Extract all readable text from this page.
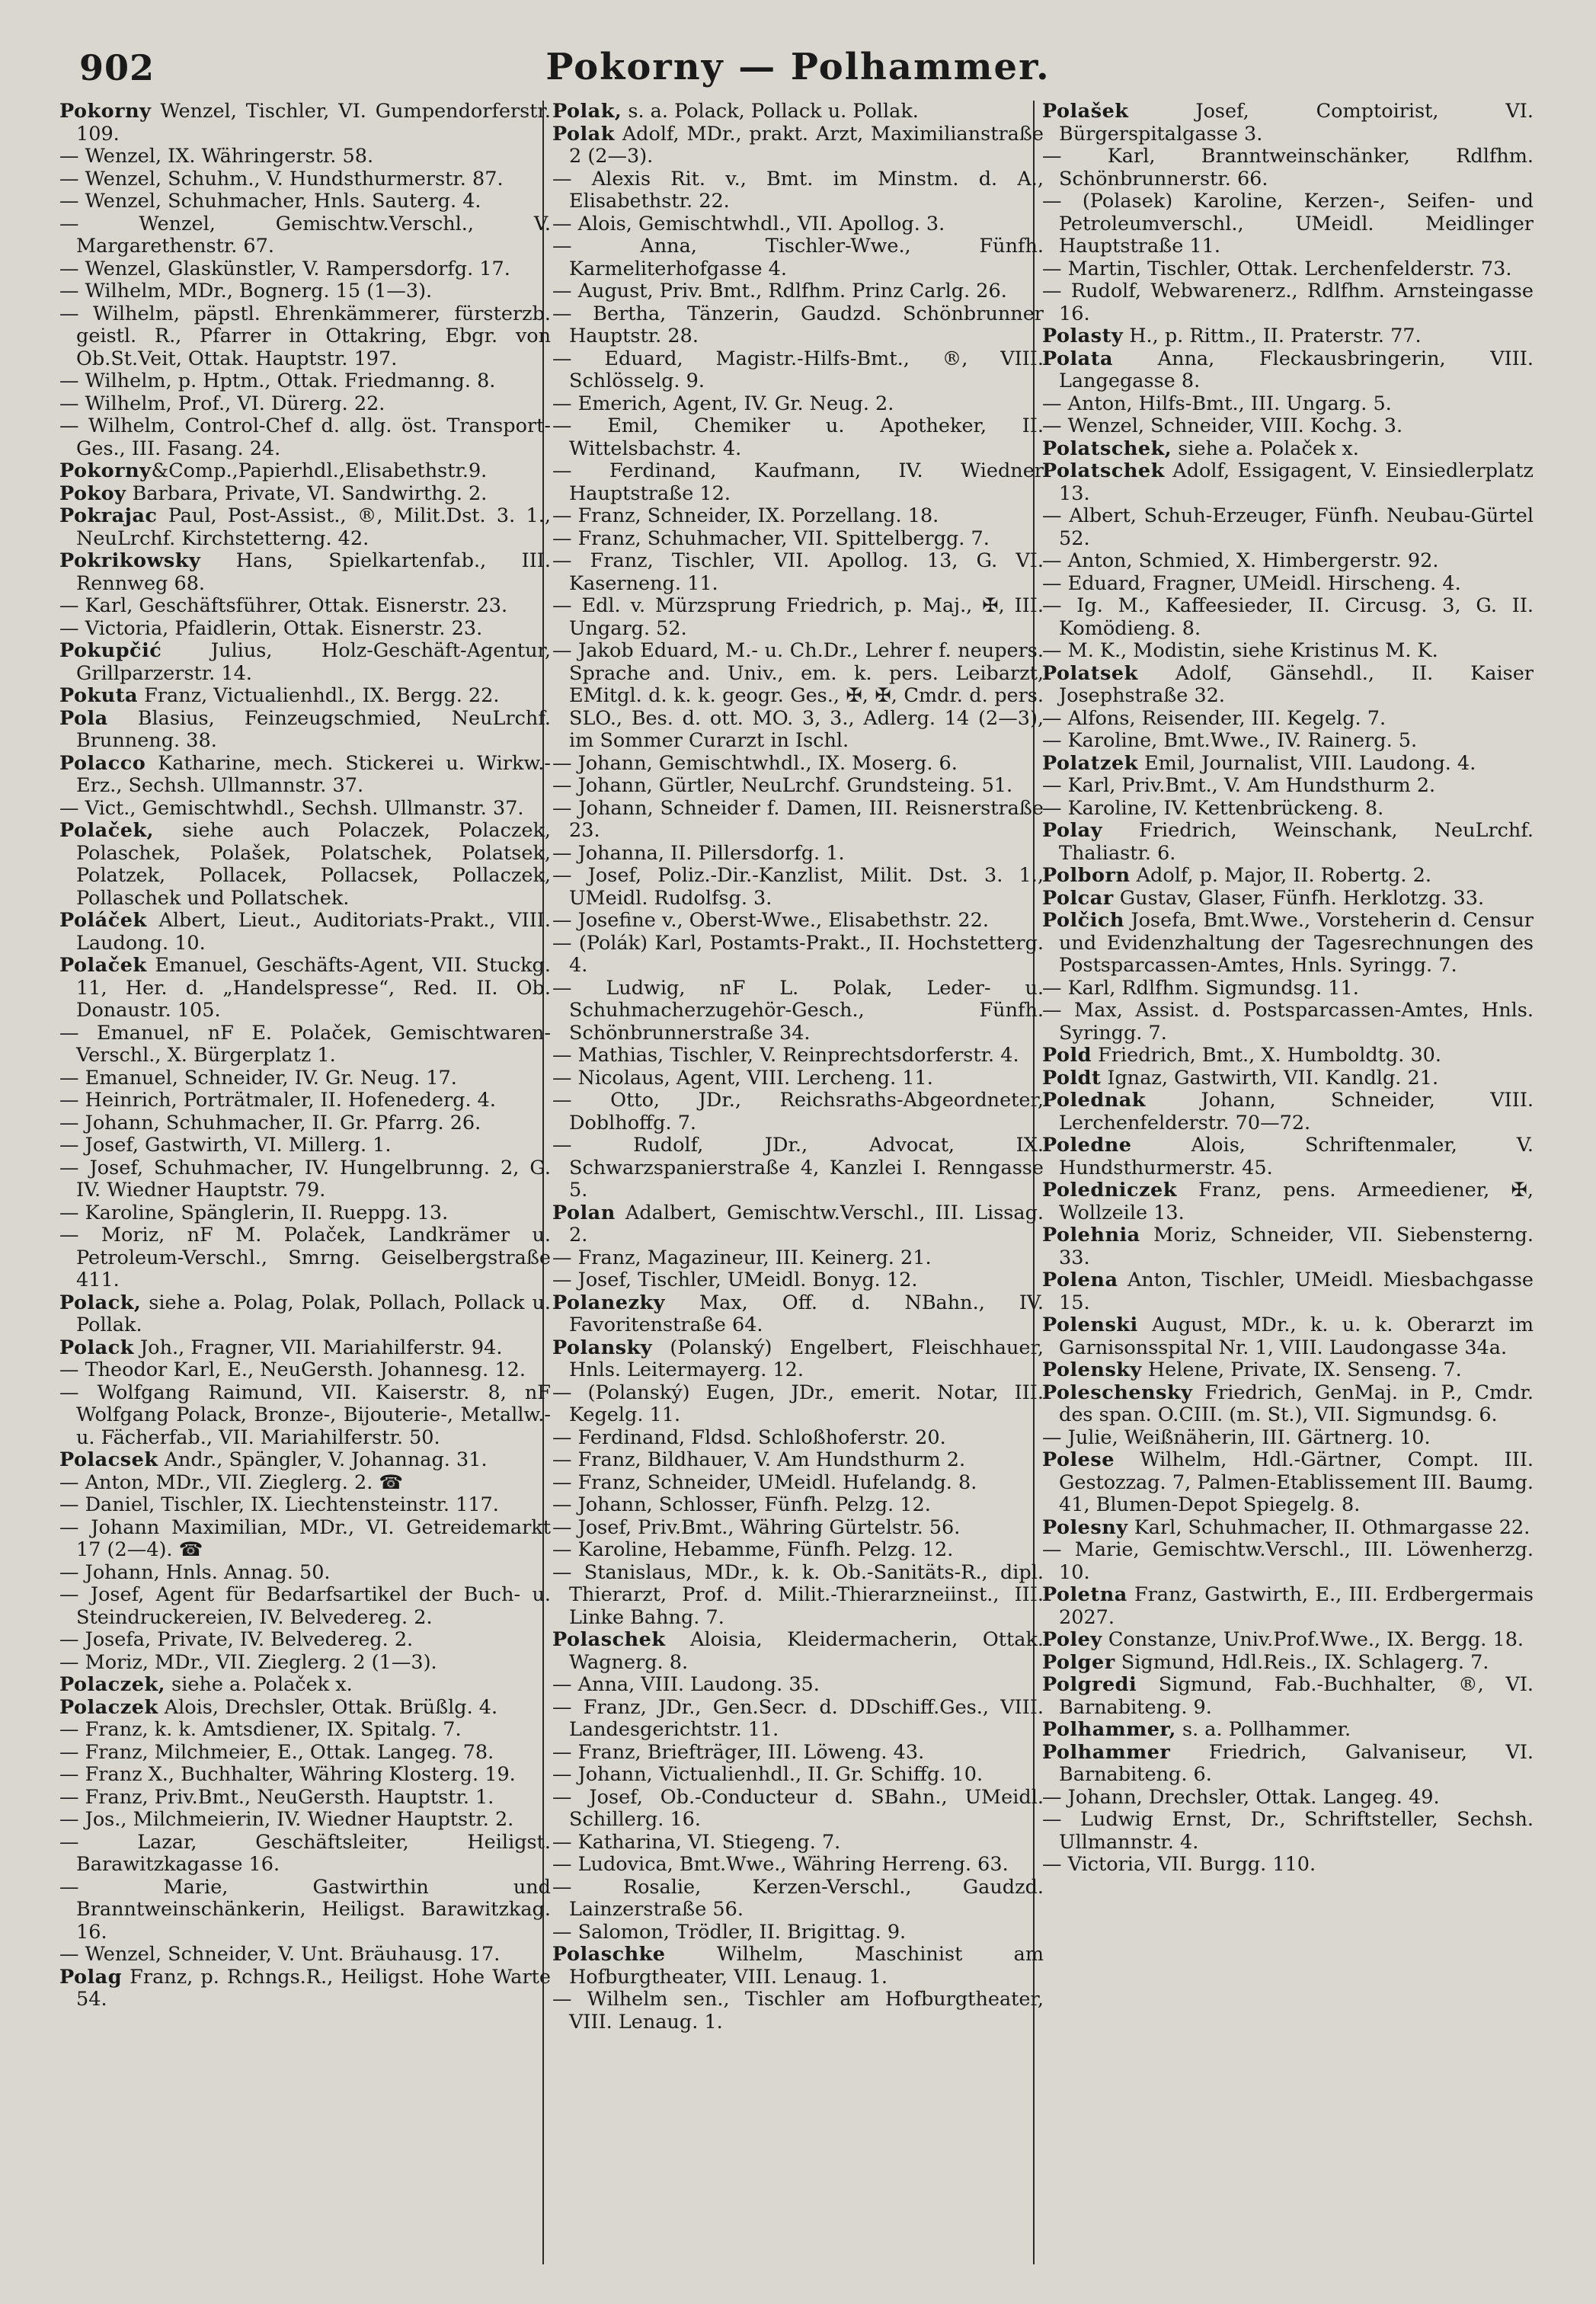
902	Pokorny — Polhammer.

Pokorny Wenzel, Tischler, VI. Gumpendorferstr. 109.

— Wenzel, IX. Währingerstr. 58.

— Wenzel, Schuhm., V. Hundsthurmerstr. 87.

— Wenzel, Schuhmacher, Hnls. Sauterg. 4.

— Wenzel, Gemischtw.Verschl., V. Margarethenstr. 67.

— Wenzel, Glaskünstler, V. Rampersdorfg. 17.

— Wilhelm, MDr., Bognerg. 15 (1—3).

— Wilhelm, päpstl. Ehrenkämmerer, fürsterzb. geistl. R., Pfarrer in Ottakring, Ebgr. von Ob.St.Veit, Ottak. Hauptstr. 197.

— Wilhelm, p. Hptm., Ottak. Friedmanng. 8.

— Wilhelm, Prof., VI. Dürerg. 22.

— Wilhelm, Control-Chef d. allg. öst. Transport-Ges., III. Fasang. 24.

Pokorny&Comp.,Papierhdl.,Elisabethstr.9.

Pokoy Barbara, Private, VI. Sandwirthg. 2.

Pokrajac Paul, Post-Assist., ®, Milit.Dst. 3. 1., NeuLrchf. Kirchstetterng. 42.

Pokrikowsky Hans, Spielkartenfab., III. Rennweg 68.

— Karl, Geschäftsführer, Ottak. Eisnerstr. 23.

— Victoria, Pfaidlerin, Ottak. Eisnerstr. 23.

Pokupčić Julius, Holz-Geschäft-Agentur, Grillparzerstr. 14.

Pokuta Franz, Victualienhdl., IX. Bergg. 22.

Pola Blasius, Feinzeugschmied, NeuLrchf. Brunneng. 38.

Polacco Katharine, mech. Stickerei u. Wirkw.-Erz., Sechsh. Ullmannstr. 37.

— Vict., Gemischtwhdl., Sechsh. Ullmanstr. 37.

Polaček, siehe auch Polaczek, Polaczek, Polaschek, Polašek, Polatschek, Polatsek, Polatzek, Pollacek, Pollacsek, Pollaczek, Pollaschek und Pollatschek.

Poláček Albert, Lieut., Auditoriats-Prakt., VIII. Laudong. 10.

Polaček Emanuel, Geschäfts-Agent, VII. Stuckg. 11, Her. d. „Handelspresse“, Red. II. Ob. Donaustr. 105.

— Emanuel, nF E. Polaček, Gemischtwaren-Verschl., X. Bürgerplatz 1.

— Emanuel, Schneider, IV. Gr. Neug. 17.

— Heinrich, Porträtmaler, II. Hofenederg. 4.

— Johann, Schuhmacher, II. Gr. Pfarrg. 26.

— Josef, Gastwirth, VI. Millerg. 1.

— Josef, Schuhmacher, IV. Hungelbrunng. 2, G. IV. Wiedner Hauptstr. 79.

— Karoline, Spänglerin, II. Rueppg. 13.

— Moriz, nF M. Polaček, Landkrämer u. Petroleum-Verschl., Smrng. Geiselbergstraße 411.

Polack, siehe a. Polag, Polak, Pollach, Pollack u. Pollak.

Polack Joh., Fragner, VII. Mariahilferstr. 94.

— Theodor Karl, E., NeuGersth. Johannesg. 12.

— Wolfgang Raimund, VII. Kaiserstr. 8, nF Wolfgang Polack, Bronze-, Bijouterie-, Metallw.-u. Fächerfab., VII. Mariahilferstr. 50.

Polacsek Andr., Spängler, V. Johannag. 31.

— Anton, MDr., VII. Zieglerg. 2. ☎

— Daniel, Tischler, IX. Liechtensteinstr. 117.

— Johann Maximilian, MDr., VI. Getreidemarkt 17 (2—4). ☎

— Johann, Hnls. Annag. 50.

— Josef, Agent für Bedarfsartikel der Buch- u. Steindruckereien, IV. Belvedereg. 2.

— Josefa, Private, IV. Belvedereg. 2.

— Moriz, MDr., VII. Zieglerg. 2 (1—3).

Polaczek, siehe a. Polaček x.

Polaczek Alois, Drechsler, Ottak. Brüßlg. 4.

— Franz, k. k. Amtsdiener, IX. Spitalg. 7.

— Franz, Milchmeier, E., Ottak. Langeg. 78.

— Franz X., Buchhalter, Währing Klosterg. 19.

— Franz, Priv.Bmt., NeuGersth. Hauptstr. 1.

— Jos., Milchmeierin, IV. Wiedner Hauptstr. 2.

— Lazar, Geschäftsleiter, Heiligst. Barawitzkagasse 16.

— Marie, Gastwirthin und Branntweinschänkerin, Heiligst. Barawitzkag. 16.

— Wenzel, Schneider, V. Unt. Bräuhausg. 17.

Polag Franz, p. Rchngs.R., Heiligst. Hohe Warte 54.

Polak, s. a. Polack, Pollack u. Pollak.

Polak Adolf, MDr., prakt. Arzt, Maximilianstraße 2 (2—3).

— Alexis Rit. v., Bmt. im Minstm. d. A., Elisabethstr. 22.

— Alois, Gemischtwhdl., VII. Apollog. 3.

— Anna, Tischler-Wwe., Fünfh. Karmeliterhofgasse 4.

— August, Priv. Bmt., Rdlfhm. Prinz Carlg. 26.

— Bertha, Tänzerin, Gaudzd. Schönbrunner Hauptstr. 28.

— Eduard, Magistr.-Hilfs-Bmt., ®, VIII. Schlösselg. 9.

— Emerich, Agent, IV. Gr. Neug. 2.

— Emil, Chemiker u. Apotheker, II. Wittelsbachstr. 4.

— Ferdinand, Kaufmann, IV. Wiedner Hauptstraße 12.

— Franz, Schneider, IX. Porzellang. 18.

— Franz, Schuhmacher, VII. Spittelbergg. 7.

— Franz, Tischler, VII. Apollog. 13, G. VI. Kaserneng. 11.

— Edl. v. Mürzsprung Friedrich, p. Maj., ✠, III. Ungarg. 52.

— Jakob Eduard, M.- u. Ch.Dr., Lehrer f. neupers. Sprache and. Univ., em. k. pers. Leibarzt, EMitgl. d. k. k. geogr. Ges., ✠, ✠, Cmdr. d. pers. SLO., Bes. d. ott. MO. 3, 3., Adlerg. 14 (2—3), im Sommer Curarzt in Ischl.

— Johann, Gemischtwhdl., IX. Moserg. 6.

— Johann, Gürtler, NeuLrchf. Grundsteing. 51.

— Johann, Schneider f. Damen, III. Reisnerstraße 23.

— Johanna, II. Pillersdorfg. 1.

— Josef, Poliz.-Dir.-Kanzlist, Milit. Dst. 3. 1., UMeidl. Rudolfsg. 3.

— Josefine v., Oberst-Wwe., Elisabethstr. 22.

— (Polák) Karl, Postamts-Prakt., II. Hochstetterg. 4.

— Ludwig, nF L. Polak, Leder- u. Schuhmacherzugehör-Gesch., Fünfh. Schönbrunnerstraße 34.

— Mathias, Tischler, V. Reinprechtsdorferstr. 4.

— Nicolaus, Agent, VIII. Lercheng. 11.

— Otto, JDr., Reichsraths-Abgeordneter, Doblhoffg. 7.

— Rudolf, JDr., Advocat, IX. Schwarzspanierstraße 4, Kanzlei I. Renngasse 5.

Polan Adalbert, Gemischtw.Verschl., III. Lissag. 2.

— Franz, Magazineur, III. Keinerg. 21.

— Josef, Tischler, UMeidl. Bonyg. 12.

Polanezky Max, Off. d. NBahn., IV. Favoritenstraße 64.

Polansky (Polanský) Engelbert, Fleischhauer, Hnls. Leitermayerg. 12.

— (Polanský) Eugen, JDr., emerit. Notar, III. Kegelg. 11.

— Ferdinand, Fldsd. Schloßhoferstr. 20.

— Franz, Bildhauer, V. Am Hundsthurm 2.

— Franz, Schneider, UMeidl. Hufelandg. 8.

— Johann, Schlosser, Fünfh. Pelzg. 12.

— Josef, Priv.Bmt., Währing Gürtelstr. 56.

— Karoline, Hebamme, Fünfh. Pelzg. 12.

— Stanislaus, MDr., k. k. Ob.-Sanitäts-R., dipl. Thierarzt, Prof. d. Milit.-Thierarzneiinst., III. Linke Bahng. 7.

Polaschek Aloisia, Kleidermacherin, Ottak. Wagnerg. 8.

— Anna, VIII. Laudong. 35.

— Franz, JDr., Gen.Secr. d. DDschiff.Ges., VIII. Landesgerichtstr. 11.

— Franz, Briefträger, III. Löweng. 43.

— Johann, Victualienhdl., II. Gr. Schiffg. 10.

— Josef, Ob.-Conducteur d. SBahn., UMeidl. Schillerg. 16.

— Katharina, VI. Stiegeng. 7.

— Ludovica, Bmt.Wwe., Währing Herreng. 63.

— Rosalie, Kerzen-Verschl., Gaudzd. Lainzerstraße 56.

— Salomon, Trödler, II. Brigittag. 9.

Polaschke Wilhelm, Maschinist am Hofburgtheater, VIII. Lenaug. 1.

— Wilhelm sen., Tischler am Hofburgtheater, VIII. Lenaug. 1.

Polašek Josef, Comptoirist, VI. Bürgerspitalgasse 3.

— Karl, Branntweinschänker, Rdlfhm. Schönbrunnerstr. 66.

— (Polasek) Karoline, Kerzen-, Seifen- und Petroleumverschl., UMeidl. Meidlinger Hauptstraße 11.

— Martin, Tischler, Ottak. Lerchenfelderstr. 73.

— Rudolf, Webwarenerz., Rdlfhm. Arnsteingasse 16.

Polasty H., p. Rittm., II. Praterstr. 77.

Polata Anna, Fleckausbringerin, VIII. Langegasse 8.

— Anton, Hilfs-Bmt., III. Ungarg. 5.

— Wenzel, Schneider, VIII. Kochg. 3.

Polatschek, siehe a. Polaček x.

Polatschek Adolf, Essigagent, V. Einsiedlerplatz 13.

— Albert, Schuh-Erzeuger, Fünfh. Neubau-Gürtel 52.

— Anton, Schmied, X. Himbergerstr. 92.

— Eduard, Fragner, UMeidl. Hirscheng. 4.

— Ig. M., Kaffeesieder, II. Circusg. 3, G. II. Komödieng. 8.

— M. K., Modistin, siehe Kristinus M. K.

Polatsek Adolf, Gänsehdl., II. Kaiser Josephstraße 32.

— Alfons, Reisender, III. Kegelg. 7.

— Karoline, Bmt.Wwe., IV. Rainerg. 5.

Polatzek Emil, Journalist, VIII. Laudong. 4.

— Karl, Priv.Bmt., V. Am Hundsthurm 2.

— Karoline, IV. Kettenbrückeng. 8.

Polay Friedrich, Weinschank, NeuLrchf. Thaliastr. 6.

Polborn Adolf, p. Major, II. Robertg. 2.

Polcar Gustav, Glaser, Fünfh. Herklotzg. 33.

Polčich Josefa, Bmt.Wwe., Vorsteherin d. Censur und Evidenzhaltung der Tagesrechnungen des Postsparcassen-Amtes, Hnls. Syringg. 7.

— Karl, Rdlfhm. Sigmundsg. 11.

— Max, Assist. d. Postsparcassen-Amtes, Hnls. Syringg. 7.

Pold Friedrich, Bmt., X. Humboldtg. 30.

Poldt Ignaz, Gastwirth, VII. Kandlg. 21.

Polednak Johann, Schneider, VIII. Lerchenfelderstr. 70—72.

Poledne Alois, Schriftenmaler, V. Hundsthurmerstr. 45.

Poledniczek Franz, pens. Armeediener, ✠, Wollzeile 13.

Polehnia Moriz, Schneider, VII. Siebensterng. 33.

Polena Anton, Tischler, UMeidl. Miesbachgasse 15.

Polenski August, MDr., k. u. k. Oberarzt im Garnisonsspital Nr. 1, VIII. Laudongasse 34a.

Polensky Helene, Private, IX. Senseng. 7.

Poleschensky Friedrich, GenMaj. in P., Cmdr. des span. O.CIII. (m. St.), VII. Sigmundsg. 6.

— Julie, Weißnäherin, III. Gärtnerg. 10.

Polese Wilhelm, Hdl.-Gärtner, Compt. III. Gestozzag. 7, Palmen-Etablissement III. Baumg. 41, Blumen-Depot Spiegelg. 8.

Polesny Karl, Schuhmacher, II. Othmargasse 22.

— Marie, Gemischtw.Verschl., III. Löwenherzg. 10.

Poletna Franz, Gastwirth, E., III. Erdbergermais 2027.

Poley Constanze, Univ.Prof.Wwe., IX. Bergg. 18.

Polger Sigmund, Hdl.Reis., IX. Schlagerg. 7.

Polgredi Sigmund, Fab.-Buchhalter, ®, VI. Barnabiteng. 9.

Polhammer, s. a. Pollhammer.

Polhammer Friedrich, Galvaniseur, VI. Barnabiteng. 6.

— Johann, Drechsler, Ottak. Langeg. 49.

— Ludwig Ernst, Dr., Schriftsteller, Sechsh. Ullmannstr. 4.

— Victoria, VII. Burgg. 110.
